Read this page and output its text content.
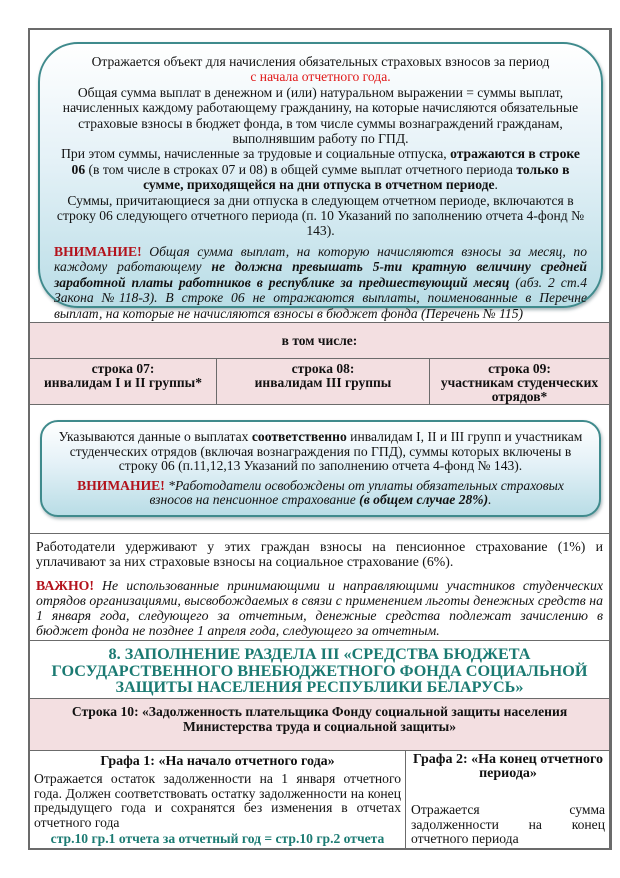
Отражается объект для начисления обязательных страховых взносов за период
с начала отчетного года.

Общая сумма выплат в денежном и (или) натуральном выражении = суммы выплат, начисленных каждому работающему гражданину, на которые начисляются обязательные страховые взносы в бюджет фонда, в том числе суммы вознаграждений гражданам, выполнявшим работу по ГПД.

При этом суммы, начисленные за трудовые и социальные отпуска, отражаются в строке 06 (в том числе в строках 07 и 08) в общей сумме выплат отчетного периода только в сумме, приходящейся на дни отпуска в отчетном периоде.

Суммы, причитающиеся за дни отпуска в следующем отчетном периоде, включаются в строку 06 следующего отчетного периода (п. 10 Указаний по заполнению отчета 4-фонд № 143).

ВНИМАНИЕ! Общая сумма выплат, на которую начисляются взносы за месяц, по каждому работающему не должна превышать 5-ти кратную величину средней заработной платы работников в республике за предшествующий месяц (абз. 2 ст.4 Закона №118-З). В строке 06 не отражаются выплаты, поименованные в Перечне выплат, на которые не начисляются взносы в бюджет фонда (Перечень № 115)

в том числе:
строка 07:
инвалидам I и II группы*
строка 08:
инвалидам III группы
строка 09:
участникам студенческих отрядов*

Указываются данные о выплатах соответственно инвалидам I, II и III групп и участникам студенческих отрядов (включая вознаграждения по ГПД), суммы которых включены в строку 06 (п.11,12,13 Указаний по заполнению отчета 4-фонд № 143).

ВНИМАНИЕ! *Работодатели освобождены от уплаты обязательных страховых взносов на пенсионное страхование (в общем случае 28%).

Работодатели удерживают у этих граждан взносы на пенсионное страхование (1%) и уплачивают за них страховые взносы на социальное страхование (6%).

ВАЖНО! Не использованные принимающими и направляющими участников студенческих отрядов организациями, высвобождаемых в связи с применением льготы денежных средств на 1 января года, следующего за отчетным, денежные средства подлежат зачислению в бюджет фонда не позднее 1 апреля года, следующего за отчетным.

8. ЗАПОЛНЕНИЕ РАЗДЕЛА III «СРЕДСТВА БЮДЖЕТА ГОСУДАРСТВЕННОГО ВНЕБЮДЖЕТНОГО ФОНДА СОЦИАЛЬНОЙ ЗАЩИТЫ НАСЕЛЕНИЯ РЕСПУБЛИКИ БЕЛАРУСЬ»
Строка 10: «Задолженность плательщика Фонду социальной защиты населения Министерства труда и социальной защиты»
Графа 1: «На начало отчетного года»
Отражается остаток задолженности на 1 января отчетного года. Должен соответствовать остатку задолженности на конец предыдущего года и сохранятся без изменения в отчетах отчетного года
стр.10 гр.1 отчета за отчетный год = стр.10 гр.2 отчета
Графа 2: «На конец отчетного периода»
Отражается сумма задолженности на конец
отчетного периода
